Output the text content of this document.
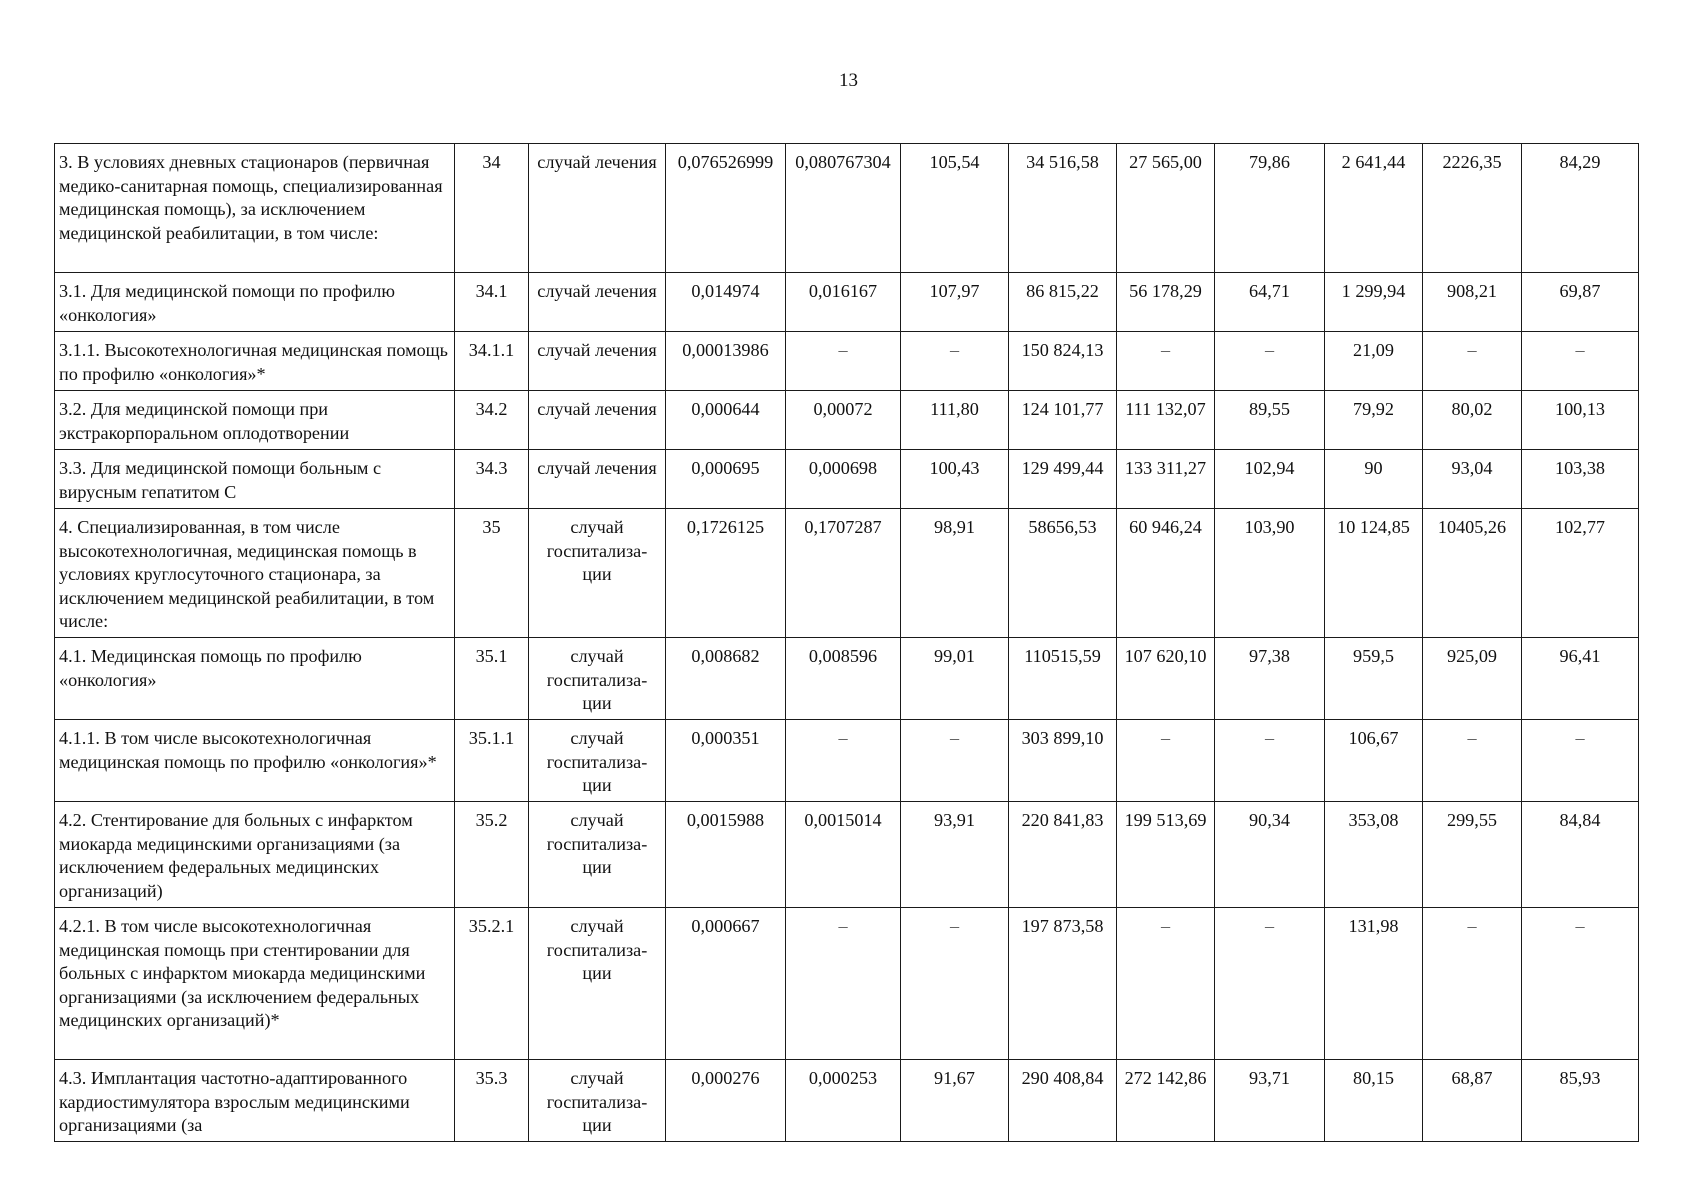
13
3. В условиях дневных стационаров (первичная медико-санитарная помощь, специализированная медицинская помощь), за исключением медицинской реабилитации, в том числе:	34	случай лечения	0,076526999	0,080767304	105,54	34 516,58	27 565,00	79,86	2 641,44	2226,35	84,29
3.1. Для медицинской помощи по профилю «онкология»	34.1	случай лечения	0,014974	0,016167	107,97	86 815,22	56 178,29	64,71	1 299,94	908,21	69,87
3.1.1. Высокотехнологичная медицинская помощь по профилю «онкология»*	34.1.1	случай лечения	0,00013986	–	–	150 824,13	–	–	21,09	–	–
3.2. Для медицинской помощи при экстракорпоральном оплодотворении	34.2	случай лечения	0,000644	0,00072	111,80	124 101,77	111 132,07	89,55	79,92	80,02	100,13
3.3. Для медицинской помощи больным с вирусным гепатитом С	34.3	случай лечения	0,000695	0,000698	100,43	129 499,44	133 311,27	102,94	90	93,04	103,38
4. Специализированная, в том числе высокотехнологичная, медицинская помощь в условиях круглосуточного стационара, за исключением медицинской реабилитации, в том числе:	35	случай госпитализа-ции	0,1726125	0,1707287	98,91	58656,53	60 946,24	103,90	10 124,85	10405,26	102,77
4.1. Медицинская помощь по профилю «онкология»	35.1	случай госпитализа-ции	0,008682	0,008596	99,01	110515,59	107 620,10	97,38	959,5	925,09	96,41
4.1.1. В том числе высокотехнологичная медицинская помощь по профилю «онкология»*	35.1.1	случай госпитализа-ции	0,000351	–	–	303 899,10	–	–	106,67	–	–
4.2. Стентирование для больных с инфарктом миокарда медицинскими организациями (за исключением федеральных медицинских организаций)	35.2	случай госпитализа-ции	0,0015988	0,0015014	93,91	220 841,83	199 513,69	90,34	353,08	299,55	84,84
4.2.1. В том числе высокотехнологичная медицинская помощь при стентировании для больных с инфарктом миокарда медицинскими организациями (за исключением федеральных медицинских организаций)*	35.2.1	случай госпитализа-ции	0,000667	–	–	197 873,58	–	–	131,98	–	–
4.3. Имплантация частотно-адаптированного кардиостимулятора взрослым медицинскими организациями (за	35.3	случай госпитализа-ции	0,000276	0,000253	91,67	290 408,84	272 142,86	93,71	80,15	68,87	85,93
